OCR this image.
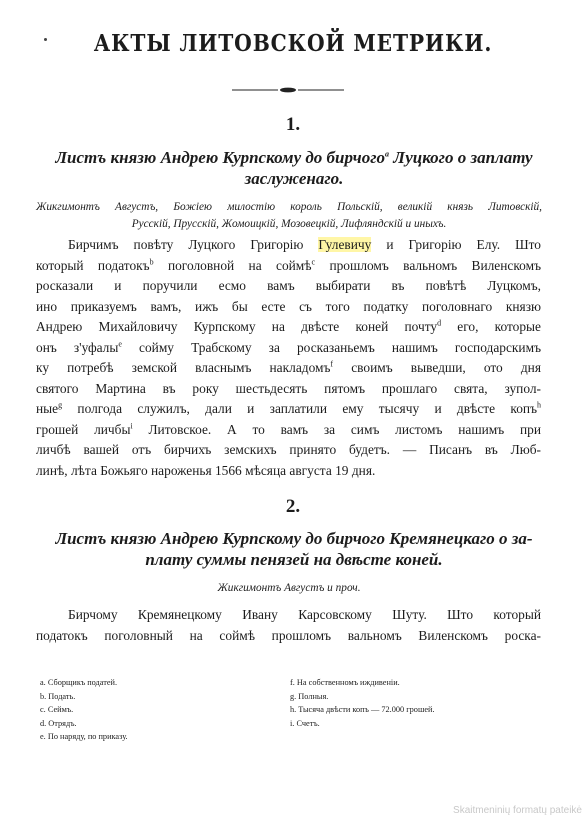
АКТЫ ЛИТОВСКОЙ МЕТРИКИ.
1.
Листъ князю Андрею Курпскому до бирчого$^a$ Луцкого о заплату
заслуженаго.
Жикгимонтъ Августъ, Божіею милостію король Польскій, великій князь Литовскій,
Русскій, Прусскій, Жомоицкій, Мозовецкій, Лифляндскій и иныхъ.
Бирчимъ повѣту Луцкого Григорію Гулевичу и Григорію Елу. Што
который податокъ$^b$ поголовной на соймѣ$^c$ прошломъ вальномъ Виленскомъ
росказали и поручили есмо вамъ выбирати въ повѣтѣ Луцкомъ,
ино приказуемъ вамъ, ижъ бы есте съ того податку поголовнаго князю
Андрею Михайловичу Курпскому на двѣсте коней почту$^d$ его, которые
онъ з'уфалы$^e$ сойму Трабскому за росказаньемъ нашимъ господарскимъ
ку потребѣ земской власнымъ накладомъ$^f$ своимъ выведши, ото дня
святого Мартина въ року шестьдесять пятомъ прошлаго свята, зупол-
ные$^g$ полгода служилъ, дали и заплатили ему тысячу и двѣсте копъ$^h$
грошей личбы$^i$ Литовское. А то вамъ за симъ листомъ нашимъ при
личбѣ вашей отъ бирчихъ земскихъ принято будетъ. — Писанъ въ Люб-
линѣ, лѣта Божьяго нароженья 1566 мѣсяца августа 19 дня.
2.
Листъ князю Андрею Курпскому до бирчого Кремянецкаго о за-
плату суммы пенязей на двѣсте коней.
Жикгимонтъ Августъ и проч.
Бирчому Кремянецкому Ивану Карсовскому Шуту. Што который
податокъ поголовный на соймѣ прошломъ вальномъ Виленскомъ роска-
a. Сборщикъ податей.
b. Подать.
c. Сеймъ.
d. Отрядъ.
e. По наряду, по приказу.
f. На собственномъ иждивеніи.
g. Полныя.
h. Тысяча двѣсти копъ — 72.000 грошей.
i. Счетъ.
Skaitmeninių formatų pateikė
